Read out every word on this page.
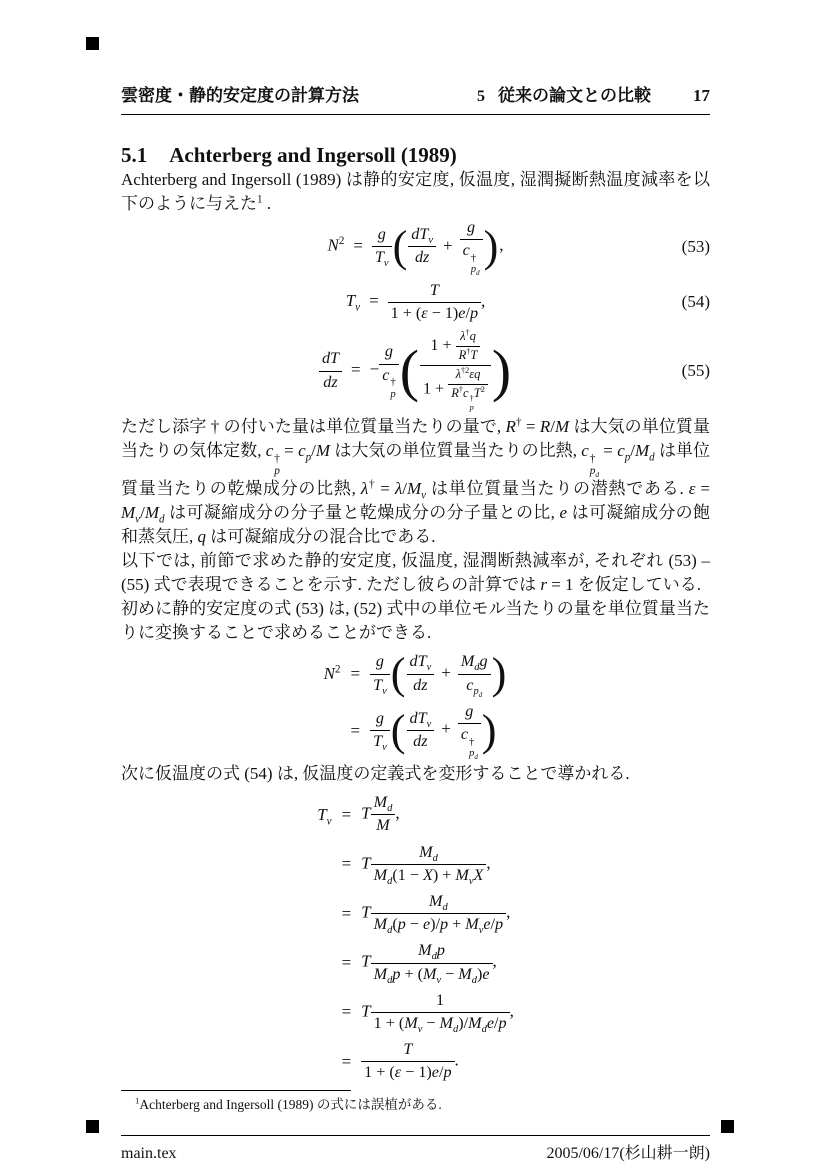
雲密度・静的安定度の計算方法	5 従来の論文との比較 17
5.1 Achterberg and Ingersoll (1989)

Achterberg and Ingersoll (1989) は静的安定度, 仮温度, 湿潤擬断熱温度減率を以下のように与えた$^1$ .

$N^2 = \frac{g}{T_v}$ ( $dT_v$
dz
+ g
c †
$p_d$ ),	(53)
$T_v = \frac{T}{1 + (\varepsilon - 1)e/p}$ ,	(54)
$\frac{dT}{dz}$ = − g
c †
p ( $1 + \frac{\lambda^\dagger q}{R^\dagger T}$
$1 + \lambda^{\dagger 2}\varepsilon q$
R†c †
p
$T^2$ )	(55)

ただし添字 † の付いた量は単位質量当たりの量で, R† = R/M は大気の単位質量当たりの気体定数, c †
p
= $c_p/M$ は大気の単位質量当たりの比熱, c †
$p_d$
= $c_p/M_d$ は単位質量当たりの乾燥成分の比熱, $\lambda^\dagger = \lambda/M_v$ は単位質量当たりの潜熱である. $\varepsilon = M_v/M_d$ は可凝縮成分の分子量と乾燥成分の分子量との比, e は可凝縮成分の飽和蒸気圧, q は可凝縮成分の混合比である.

以下では, 前節で求めた静的安定度, 仮温度, 湿潤断熱減率が, それぞれ (53) – (55) 式で表現できることを示す. ただし彼らの計算では r = 1 を仮定している.

初めに静的安定度の式 (53) は, (52) 式中の単位モル当たりの量を単位質量当たりに変換することで求めることができる.

$N^2$	=	$\frac{g}{T_v}$ ( $dT_v$
dz
+
$M_dg$
$c_{p_d}$ )
	=	$\frac{g}{T_v}$ ( $dT_v$
dz
+ g
c †
$p_d$ )

次に仮温度の式 (54) は, 仮温度の定義式を変形することで導かれる.

$T_v$	=	T $\frac{M_d}{M}$ ,
	=	T
$M_d$
$M_d(1 - X) + M_vX$
,
	=	T
$M_d$
$M_d(p - e)/p + M_ve/p$
,
	=	T
$M_dp$
$M_dp + (M_v - M_d)e$
,
	=	T
1
$1 + (M_v - M_d)/M_de/p$
,
	=	$\frac{T}{1 + (\varepsilon - 1)e/p}$ .
$^1$Achterberg and Ingersoll (1989) の式には誤植がある.
main.tex	2005/06/17(杉山耕一朗)
